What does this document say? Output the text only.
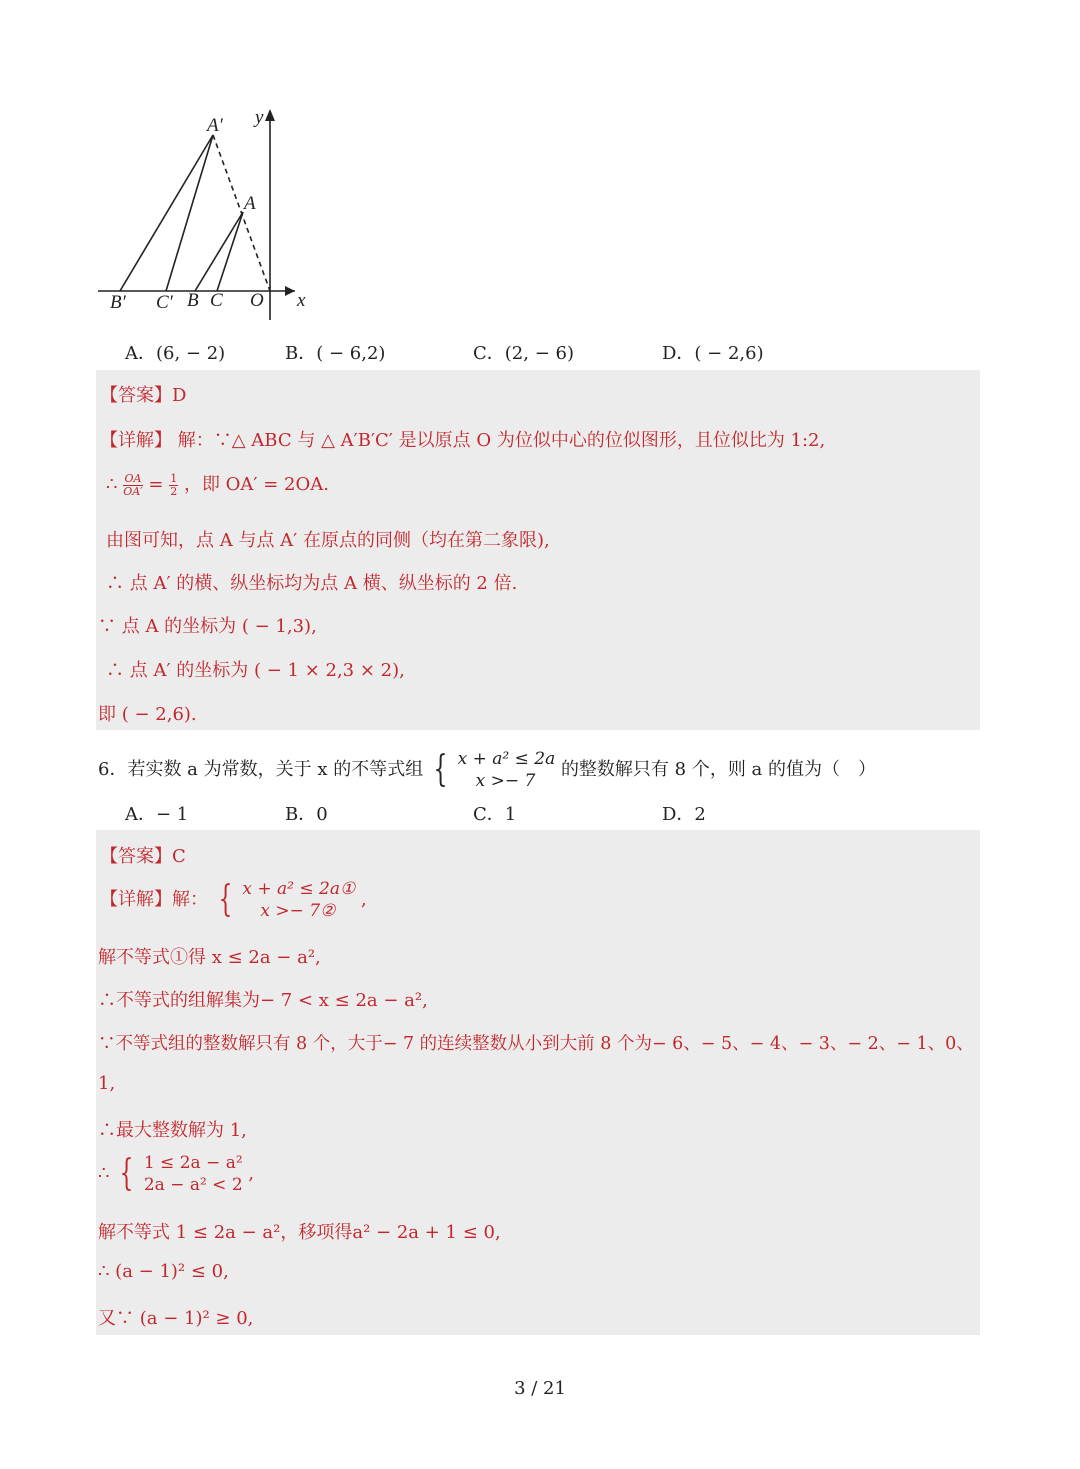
A′ y
A
B′ C′ B C O x
A．(6, − 2)	B．( − 6,2)	C．(2, − 6)	D．( − 2,6)
【答案】D
【详解】 解：∵△ ABC 与 △ A′B′C′ 是以原点 O 为位似中心的位似图形，且位似比为 1:2,
∴ $\frac{OA}{OA'} = \frac{1}{2}$ ，即 OA′ = 2OA.
由图可知，点 A 与点 A′ 在原点的同侧（均在第二象限),
∴ 点 A′ 的横、纵坐标均为点 A 横、纵坐标的 2 倍.
∵ 点 A 的坐标为 ( − 1,3),
∴ 点 A′ 的坐标为 ( − 1 × 2,3 × 2),
即 ( − 2,6).
6．若实数 a 为常数，关于 x 的不等式组 { x + a² ≤ 2a
x >− 7
的整数解只有 8 个，则 a 的值为（　）
A．− 1	B．0	C．1	D．2
【答案】C
【详解】解： { x + a² ≤ 2a①
x >− 7②
,
解不等式①得 x ≤ 2a − a²,
∴不等式的组解集为− 7 < x ≤ 2a − a²,
∵不等式组的整数解只有 8 个，大于− 7 的连续整数从小到大前 8 个为− 6、− 5、− 4、− 3、− 2、− 1、0、
1,
∴最大整数解为 1,
∴ { 1 ≤ 2a − a²
2a − a² < 2
,
解不等式 1 ≤ 2a − a²，移项得a² − 2a + 1 ≤ 0,
∴ (a − 1)² ≤ 0,
又∵ (a − 1)² ≥ 0,
3 / 21
